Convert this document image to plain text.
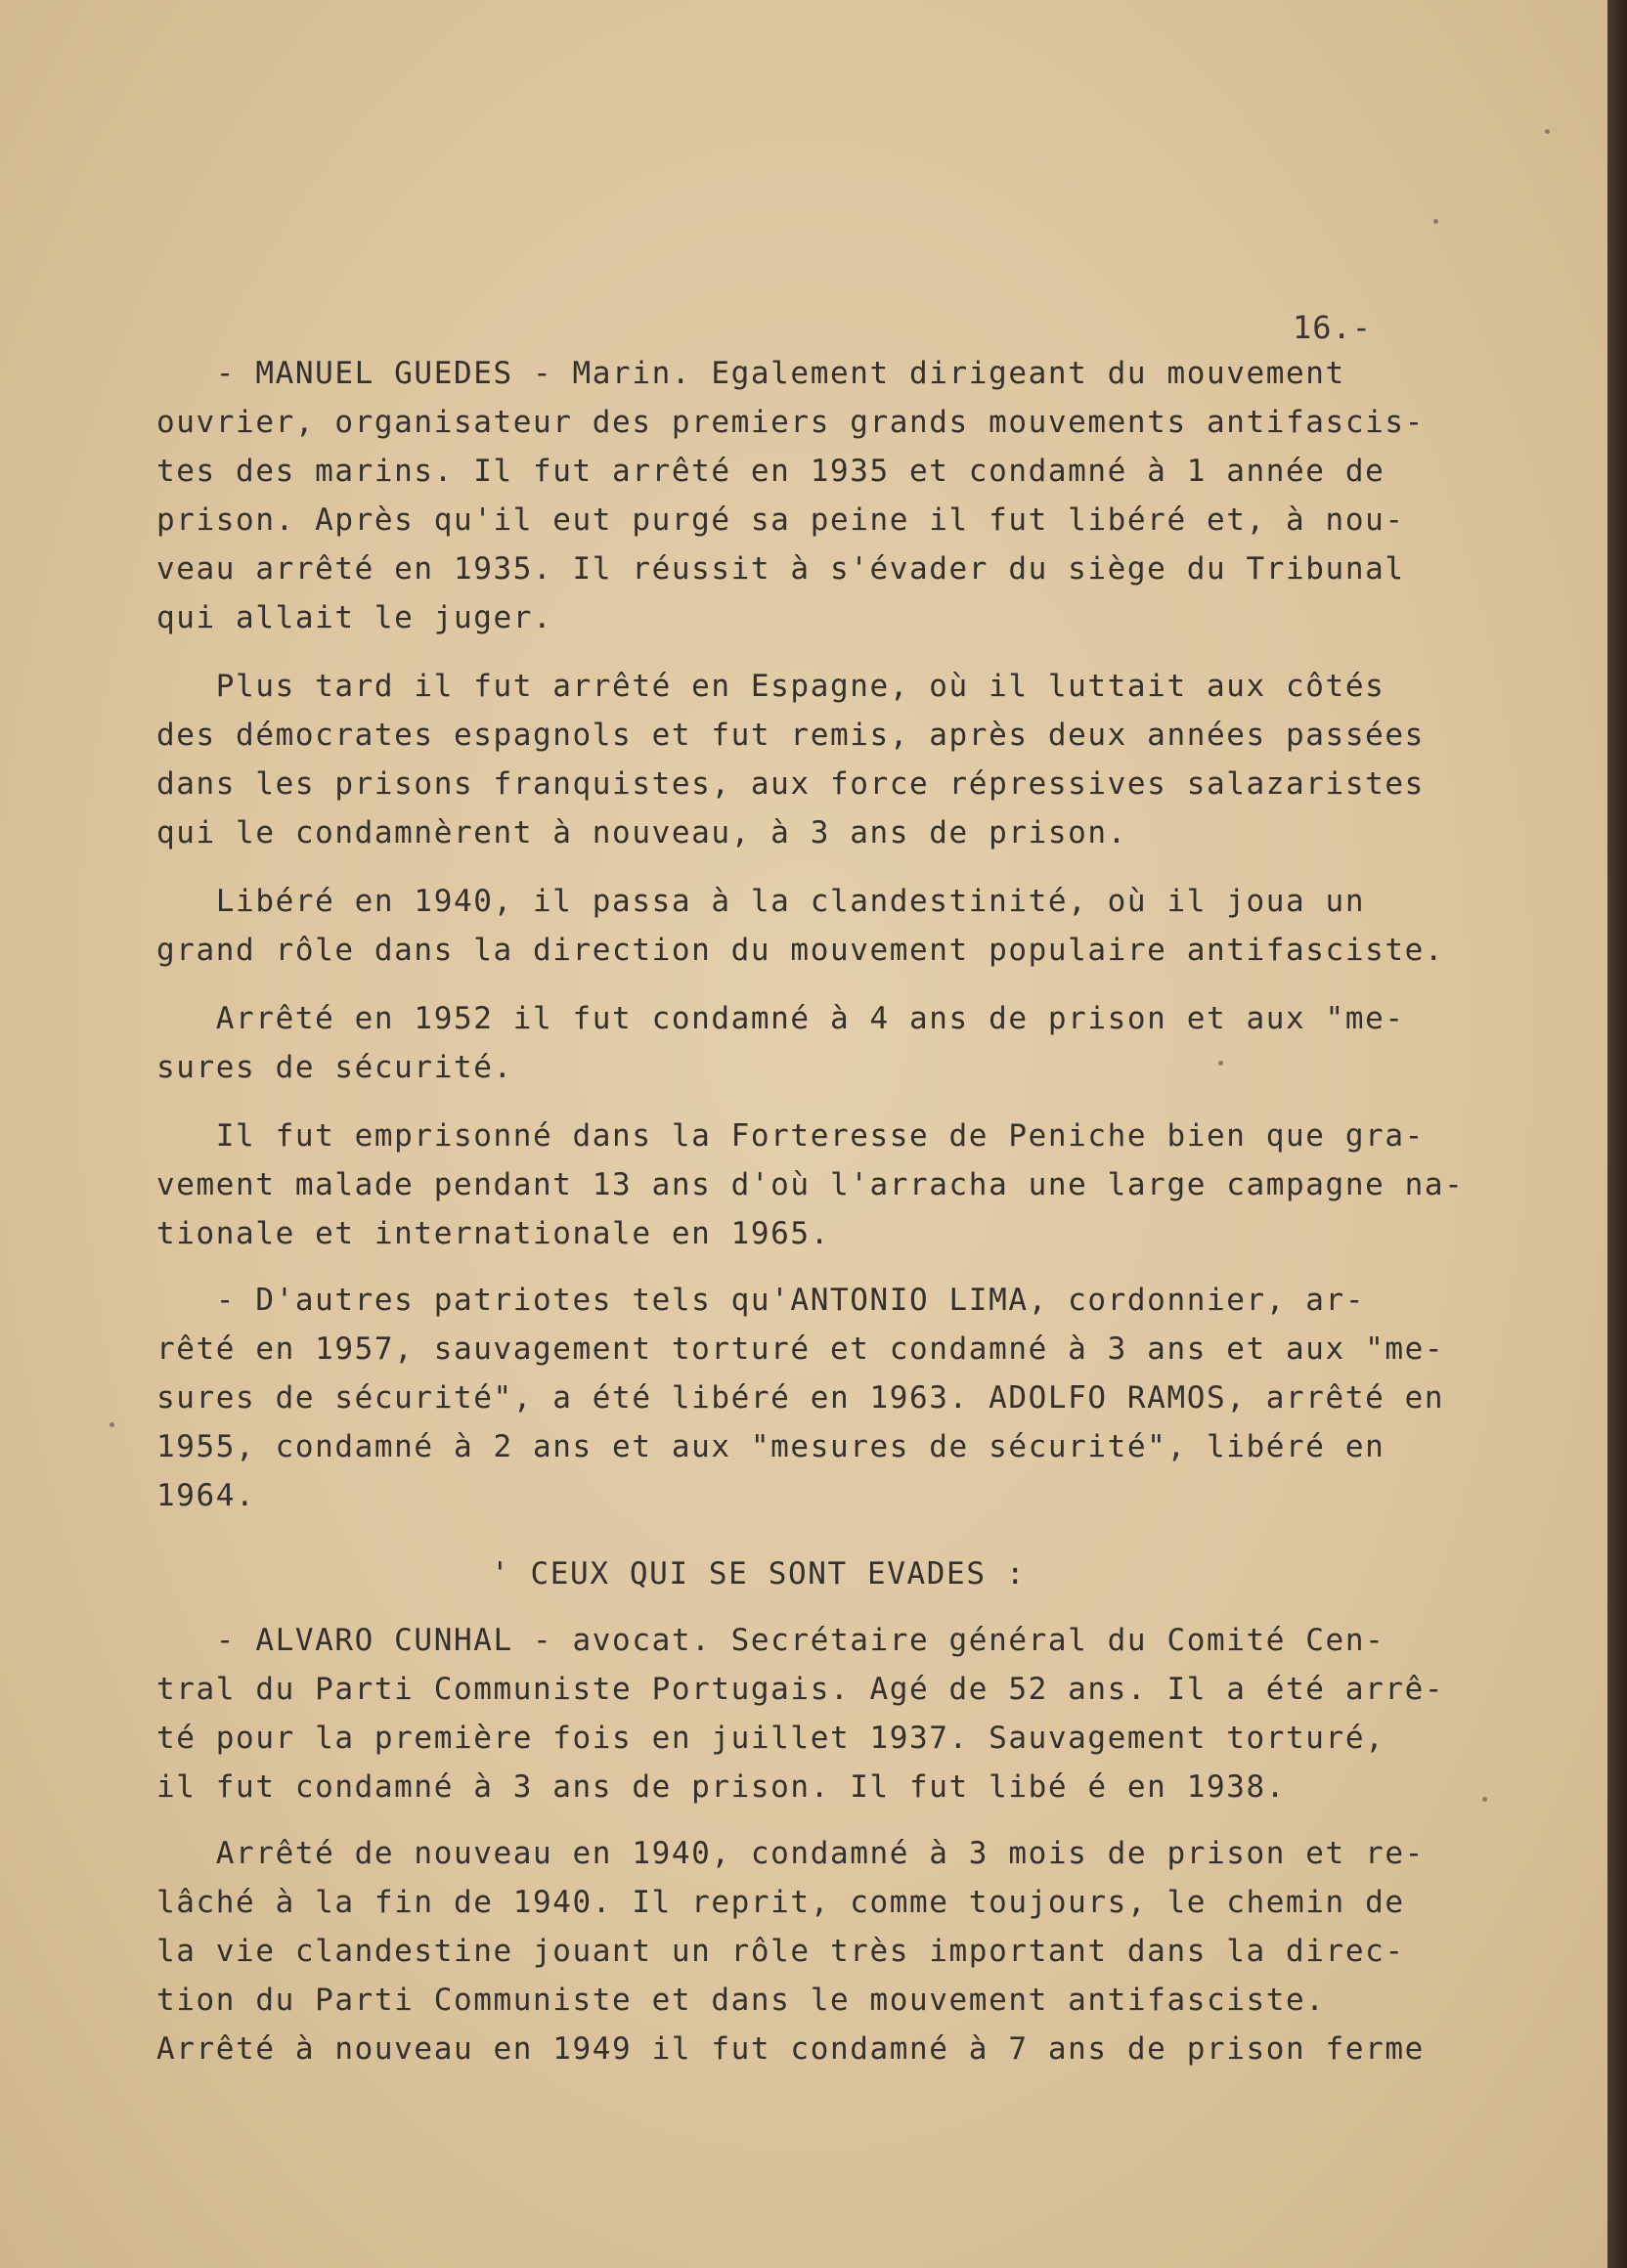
16.-
- MANUEL GUEDES - Marin. Egalement dirigeant du mouvement
ouvrier, organisateur des premiers grands mouvements antifascis-
tes des marins. Il fut arrêté en 1935 et condamné à 1 année de
prison. Après qu'il eut purgé sa peine il fut libéré et, à nou-
veau arrêté en 1935. Il réussit à s'évader du siège du Tribunal
qui allait le juger.
Plus tard il fut arrêté en Espagne, où il luttait aux côtés
des démocrates espagnols et fut remis, après deux années passées
dans les prisons franquistes, aux force répressives salazaristes
qui le condamnèrent à nouveau, à 3 ans de prison.
Libéré en 1940, il passa à la clandestinité, où il joua un
grand rôle dans la direction du mouvement populaire antifasciste.
Arrêté en 1952 il fut condamné à 4 ans de prison et aux "me-
sures de sécurité.
Il fut emprisonné dans la Forteresse de Peniche bien que gra-
vement malade pendant 13 ans d'où l'arracha une large campagne na-
tionale et internationale en 1965.
- D'autres patriotes tels qu'ANTONIO LIMA, cordonnier, ar-
rêté en 1957, sauvagement torturé et condamné à 3 ans et aux "me-
sures de sécurité", a été libéré en 1963. ADOLFO RAMOS, arrêté en
1955, condamné à 2 ans et aux "mesures de sécurité", libéré en
1964.
' CEUX QUI SE SONT EVADES :
- ALVARO CUNHAL - avocat. Secrétaire général du Comité Cen-
tral du Parti Communiste Portugais. Agé de 52 ans. Il a été arrê-
té pour la première fois en juillet 1937. Sauvagement torturé,
il fut condamné à 3 ans de prison. Il fut libé é en 1938.
Arrêté de nouveau en 1940, condamné à 3 mois de prison et re-
lâché à la fin de 1940. Il reprit, comme toujours, le chemin de
la vie clandestine jouant un rôle très important dans la direc-
tion du Parti Communiste et dans le mouvement antifasciste.
Arrêté à nouveau en 1949 il fut condamné à 7 ans de prison ferme
